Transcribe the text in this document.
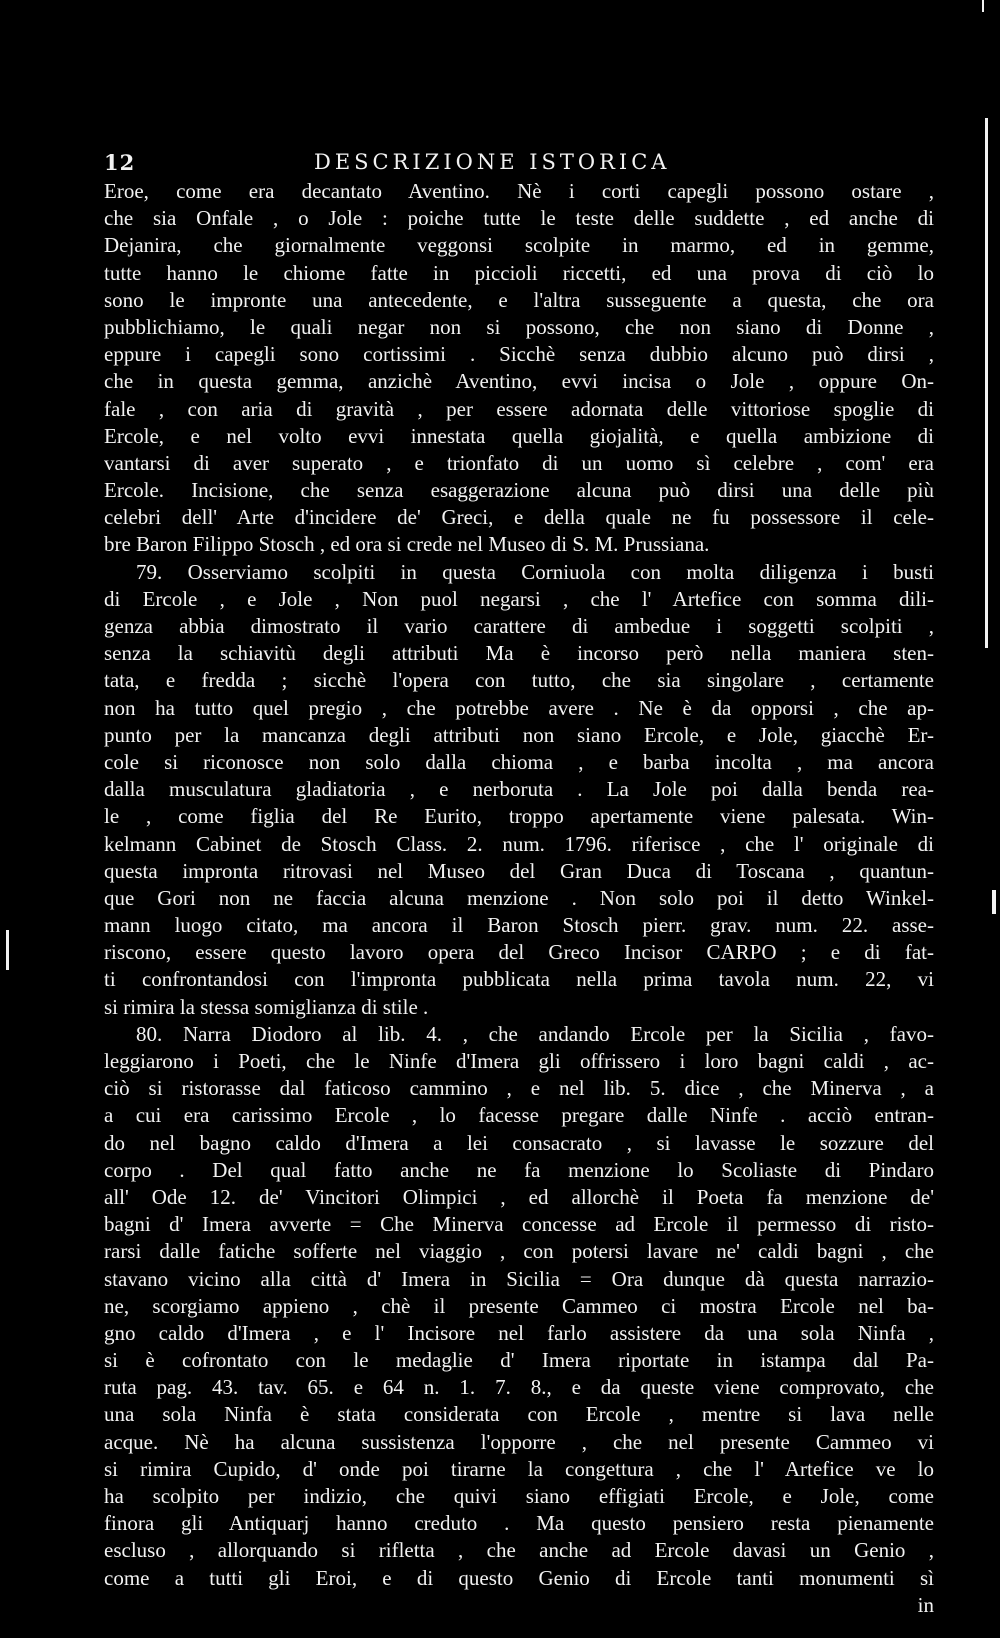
12	DESCRIZIONE ISTORICA
Eroe, come era decantato Aventino. Nè i corti capegli possono ostare ,
che sia Onfale , o Jole : poiche tutte le teste delle suddette , ed anche di
Dejanira, che giornalmente veggonsi scolpite in marmo, ed in gemme,
tutte hanno le chiome fatte in piccioli riccetti, ed una prova di ciò lo
sono le impronte una antecedente, e l'altra susseguente a questa, che ora
pubblichiamo, le quali negar non si possono, che non siano di Donne ,
eppure i capegli sono cortissimi . Sicchè senza dubbio alcuno può dirsi ,
che in questa gemma, anzichè Aventino, evvi incisa o Jole , oppure On-
fale , con aria di gravità , per essere adornata delle vittoriose spoglie di
Ercole, e nel volto evvi innestata quella giojalità, e quella ambizione di
vantarsi di aver superato , e trionfato di un uomo sì celebre , com' era
Ercole. Incisione, che senza esaggerazione alcuna può dirsi una delle più
celebri dell' Arte d'incidere de' Greci, e della quale ne fu possessore il cele-
bre Baron Filippo Stosch , ed ora si crede nel Museo di S. M. Prussiana.
79. Osserviamo scolpiti in questa Corniuola con molta diligenza i busti
di Ercole , e Jole , Non puol negarsi , che l' Artefice con somma dili-
genza abbia dimostrato il vario carattere di ambedue i soggetti scolpiti ,
senza la schiavitù degli attributi Ma è incorso però nella maniera sten-
tata, e fredda ; sicchè l'opera con tutto, che sia singolare , certamente
non ha tutto quel pregio , che potrebbe avere . Ne è da opporsi , che ap-
punto per la mancanza degli attributi non siano Ercole, e Jole, giacchè Er-
cole si riconosce non solo dalla chioma , e barba incolta , ma ancora
dalla musculatura gladiatoria , e nerboruta . La Jole poi dalla benda rea-
le , come figlia del Re Eurito, troppo apertamente viene palesata. Win-
kelmann Cabinet de Stosch Class. 2. num. 1796. riferisce , che l' originale di
questa impronta ritrovasi nel Museo del Gran Duca di Toscana , quantun-
que Gori non ne faccia alcuna menzione . Non solo poi il detto Winkel-
mann luogo citato, ma ancora il Baron Stosch pierr. grav. num. 22. asse-
riscono, essere questo lavoro opera del Greco Incisor CARPO ; e di fat-
ti confrontandosi con l'impronta pubblicata nella prima tavola num. 22, vi
si rimira la stessa somiglianza di stile .
80. Narra Diodoro al lib. 4. , che andando Ercole per la Sicilia , favo-
leggiarono i Poeti, che le Ninfe d'Imera gli offrissero i loro bagni caldi , ac-
ciò si ristorasse dal faticoso cammino , e nel lib. 5. dice , che Minerva , a
a cui era carissimo Ercole , lo facesse pregare dalle Ninfe . acciò entran-
do nel bagno caldo d'Imera a lei consacrato , si lavasse le sozzure del
corpo . Del qual fatto anche ne fa menzione lo Scoliaste di Pindaro
all' Ode 12. de' Vincitori Olimpici , ed allorchè il Poeta fa menzione de'
bagni d' Imera avverte = Che Minerva concesse ad Ercole il permesso di risto-
rarsi dalle fatiche sofferte nel viaggio , con potersi lavare ne' caldi bagni , che
stavano vicino alla città d' Imera in Sicilia = Ora dunque dà questa narrazio-
ne, scorgiamo appieno , chè il presente Cammeo ci mostra Ercole nel ba-
gno caldo d'Imera , e l' Incisore nel farlo assistere da una sola Ninfa ,
si è cofrontato con le medaglie d' Imera riportate in istampa dal Pa-
ruta pag. 43. tav. 65. e 64 n. 1. 7. 8., e da queste viene comprovato, che
una sola Ninfa è stata considerata con Ercole , mentre si lava nelle
acque. Nè ha alcuna sussistenza l'opporre , che nel presente Cammeo vi
si rimira Cupido, d' onde poi tirarne la congettura , che l' Artefice ve lo
ha scolpito per indizio, che quivi siano effigiati Ercole, e Jole, come
finora gli Antiquarj hanno creduto . Ma questo pensiero resta pienamente
escluso , allorquando si rifletta , che anche ad Ercole davasi un Genio ,
come a tutti gli Eroi, e di questo Genio di Ercole tanti monumenti sì
in
